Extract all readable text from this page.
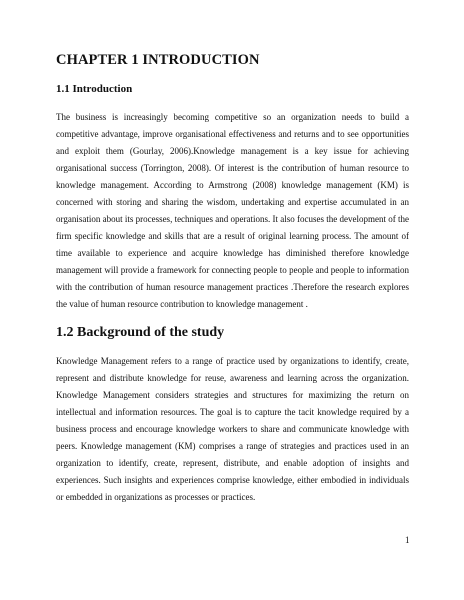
CHAPTER 1 INTRODUCTION
1.1 Introduction

The business is increasingly becoming competitive so an organization needs to build a competitive advantage, improve organisational effectiveness and returns and to see opportunities and exploit them (Gourlay, 2006).Knowledge management is a key issue for achieving organisational success (Torrington, 2008). Of interest is the contribution of human resource to knowledge management. According to Armstrong (2008) knowledge management (KM) is concerned with storing and sharing the wisdom, undertaking and expertise accumulated in an organisation about its processes, techniques and operations. It also focuses the development of the firm specific knowledge and skills that are a result of original learning process. The amount of time available to experience and acquire knowledge has diminished therefore knowledge management will provide a framework for connecting people to people and people to information with the contribution of human resource management practices .Therefore the research explores the value of human resource contribution to knowledge management .

1.2 Background of the study

Knowledge Management refers to a range of practice used by organizations to identify, create, represent and distribute knowledge for reuse, awareness and learning across the organization. Knowledge Management considers strategies and structures for maximizing the return on intellectual and information resources. The goal is to capture the tacit knowledge required by a business process and encourage knowledge workers to share and communicate knowledge with peers. Knowledge management (KM) comprises a range of strategies and practices used in an organization to identify, create, represent, distribute, and enable adoption of insights and experiences. Such insights and experiences comprise knowledge, either embodied in individuals or embedded in organizations as processes or practices.

1
